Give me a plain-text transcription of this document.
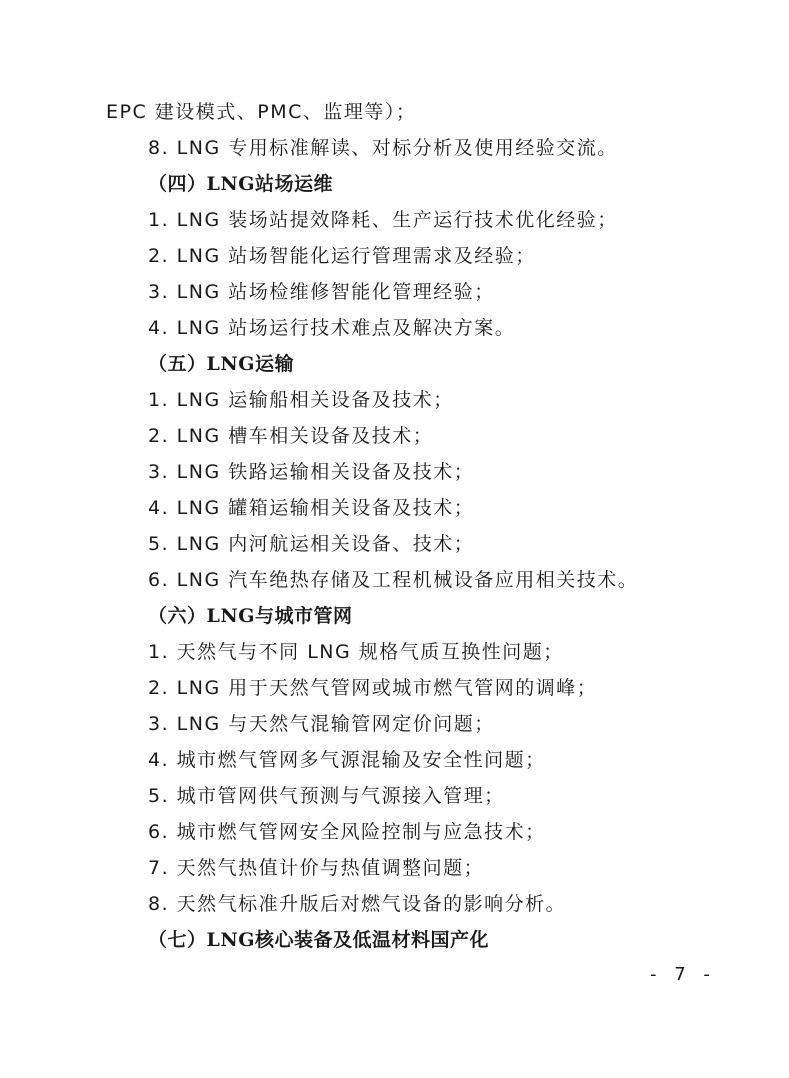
EPC 建设模式、PMC、监理等）；
8. LNG 专用标准解读、对标分析及使用经验交流。
（四）LNG站场运维
1. LNG 装场站提效降耗、生产运行技术优化经验；
2. LNG 站场智能化运行管理需求及经验；
3. LNG 站场检维修智能化管理经验；
4. LNG 站场运行技术难点及解决方案。
（五）LNG运输
1. LNG 运输船相关设备及技术；
2. LNG 槽车相关设备及技术；
3. LNG 铁路运输相关设备及技术；
4. LNG 罐箱运输相关设备及技术；
5. LNG 内河航运相关设备、技术；
6. LNG 汽车绝热存储及工程机械设备应用相关技术。
（六）LNG与城市管网
1. 天然气与不同 LNG 规格气质互换性问题；
2. LNG 用于天然气管网或城市燃气管网的调峰；
3. LNG 与天然气混输管网定价问题；
4. 城市燃气管网多气源混输及安全性问题；
5. 城市管网供气预测与气源接入管理；
6. 城市燃气管网安全风险控制与应急技术；
7. 天然气热值计价与热值调整问题；
8. 天然气标准升版后对燃气设备的影响分析。
（七）LNG核心装备及低温材料国产化
- 7 -
